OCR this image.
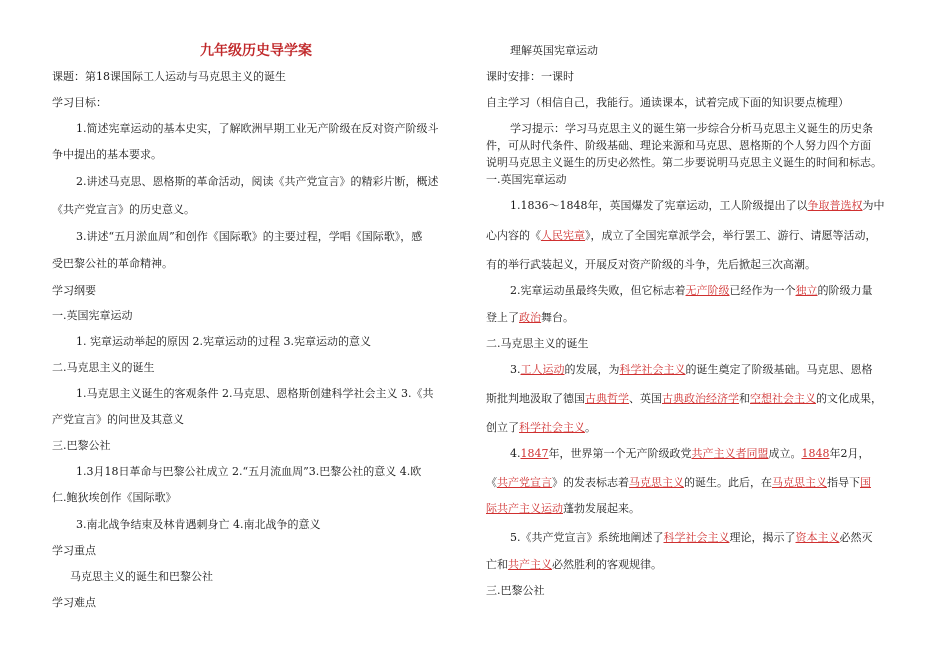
九年级历史导学案
课题：第18课国际工人运动与马克思主义的诞生
学习目标：
1.简述宪章运动的基本史实，了解欧洲早期工业无产阶级在反对资产阶级斗
争中提出的基本要求。
2.讲述马克思、恩格斯的革命活动，阅读《共产党宣言》的精彩片断，概述
《共产党宣言》的历史意义。
3.讲述“五月淤血周”和创作《国际歌》的主要过程，学唱《国际歌》，感
受巴黎公社的革命精神。
学习纲要
一.英国宪章运动
1. 宪章运动举起的原因 2.宪章运动的过程 3.宪章运动的意义
二.马克思主义的诞生
1.马克思主义诞生的客观条件 2.马克思、恩格斯创建科学社会主义 3.《共
产党宣言》的问世及其意义
三.巴黎公社
1.3月18日革命与巴黎公社成立 2.“五月流血周”3.巴黎公社的意义 4.欧
仁.鲍狄埃创作《国际歌》
3.南北战争结束及林肯遇刺身亡 4.南北战争的意义
学习重点
马克思主义的诞生和巴黎公社
学习难点
理解英国宪章运动
课时安排：一课时
自主学习（相信自己，我能行。通读课本，试着完成下面的知识要点梳理）
学习提示：学习马克思主义的诞生第一步综合分析马克思主义诞生的历史条
件，可从时代条件、阶级基础、理论来源和马克思、恩格斯的个人努力四个方面
说明马克思主义诞生的历史必然性。第二步要说明马克思主义诞生的时间和标志。
一.英国宪章运动
1.1836～1848年，英国爆发了宪章运动，工人阶级提出了以争取普选权为中
心内容的《人民宪章》，成立了全国宪章派学会，举行罢工、游行、请愿等活动，
有的举行武装起义，开展反对资产阶级的斗争，先后掀起三次高潮。
2.宪章运动虽最终失败，但它标志着无产阶级已经作为一个独立的阶级力量
登上了政治舞台。
二.马克思主义的诞生
3.工人运动的发展，为科学社会主义的诞生奠定了阶级基础。马克思、恩格
斯批判地汲取了德国古典哲学、英国古典政治经济学和空想社会主义的文化成果，
创立了科学社会主义。
4.1847年，世界第一个无产阶级政党共产主义者同盟成立。1848年2月，
《共产党宣言》的发表标志着马克思主义的诞生。此后，在马克思主义指导下国
际共产主义运动蓬勃发展起来。
5.《共产党宣言》系统地阐述了科学社会主义理论，揭示了资本主义必然灭
亡和共产主义必然胜利的客观规律。
三.巴黎公社
